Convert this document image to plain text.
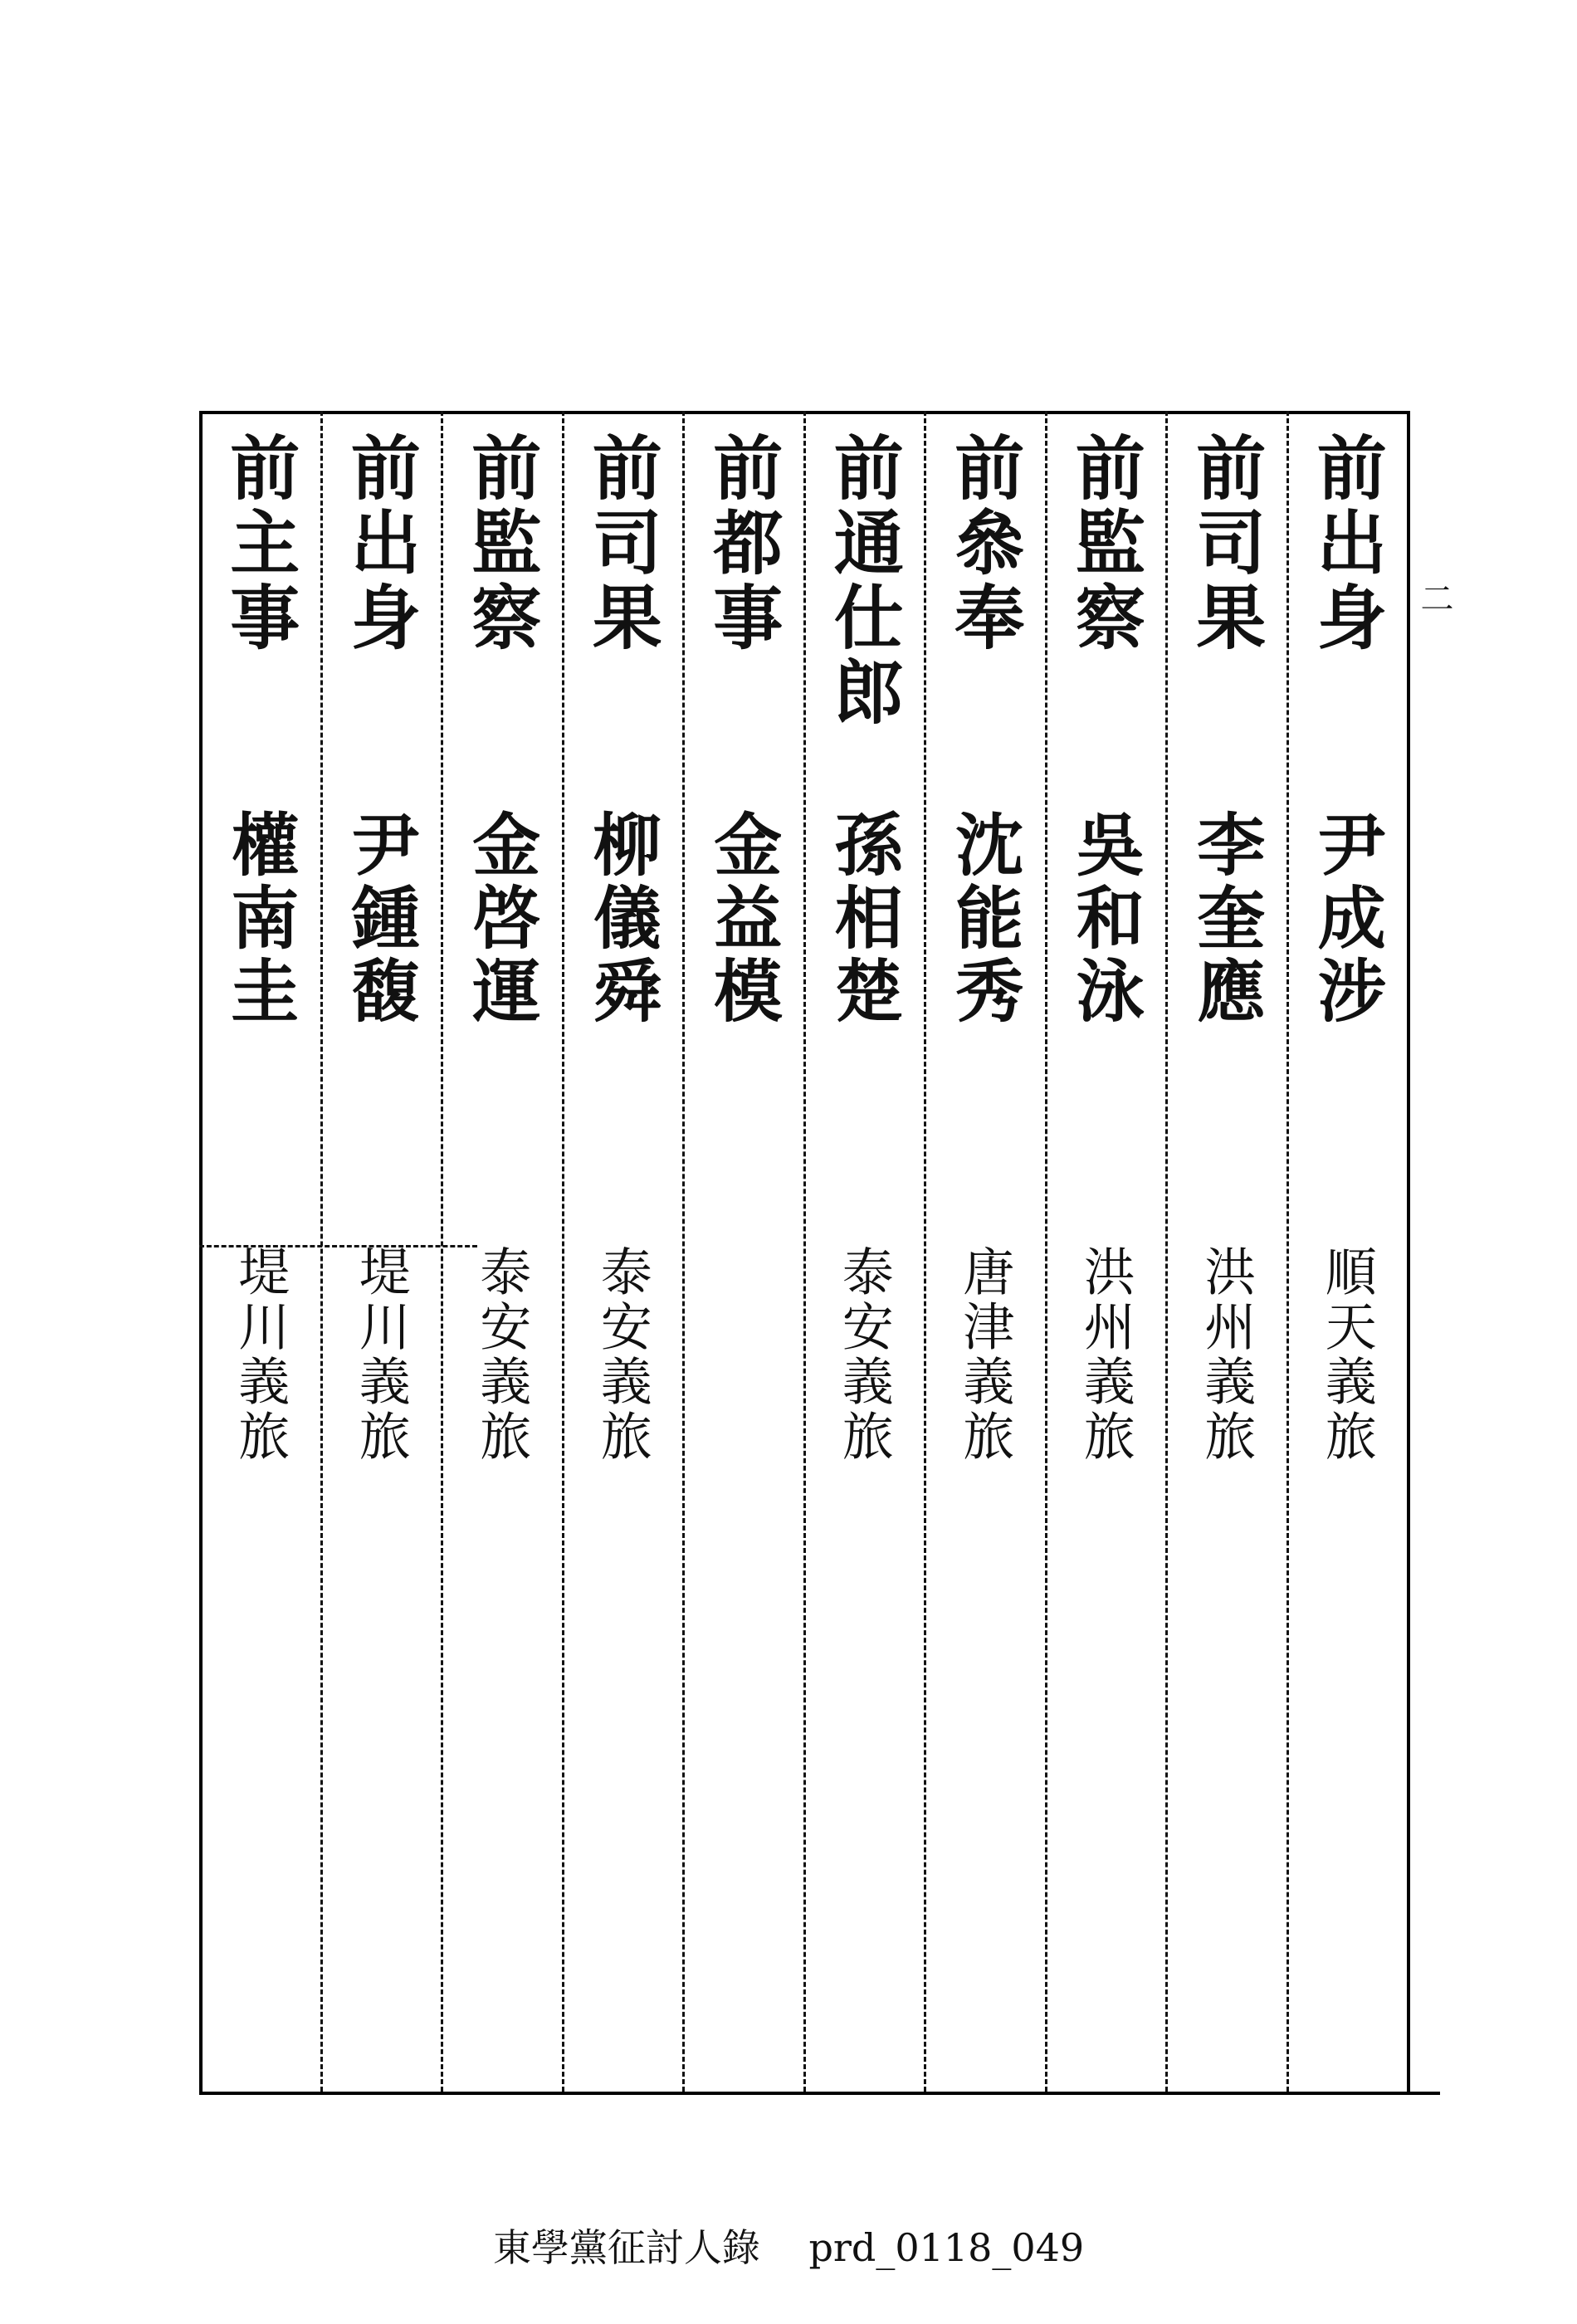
二
前出身
尹成涉
順天義旅
前司果
李奎應
洪州義旅
前監察
吳和泳
洪州義旅
前叅奉
沈能秀
唐津義旅
前通仕郎
孫相楚
泰安義旅
前都事
金益模
前司果
柳儀舜
泰安義旅
前監察
金啓運
泰安義旅
前出身
尹鍾馥
堤川義旅
前主事
權南圭
堤川義旅
東學黨征討人錄 prd_0118_049
